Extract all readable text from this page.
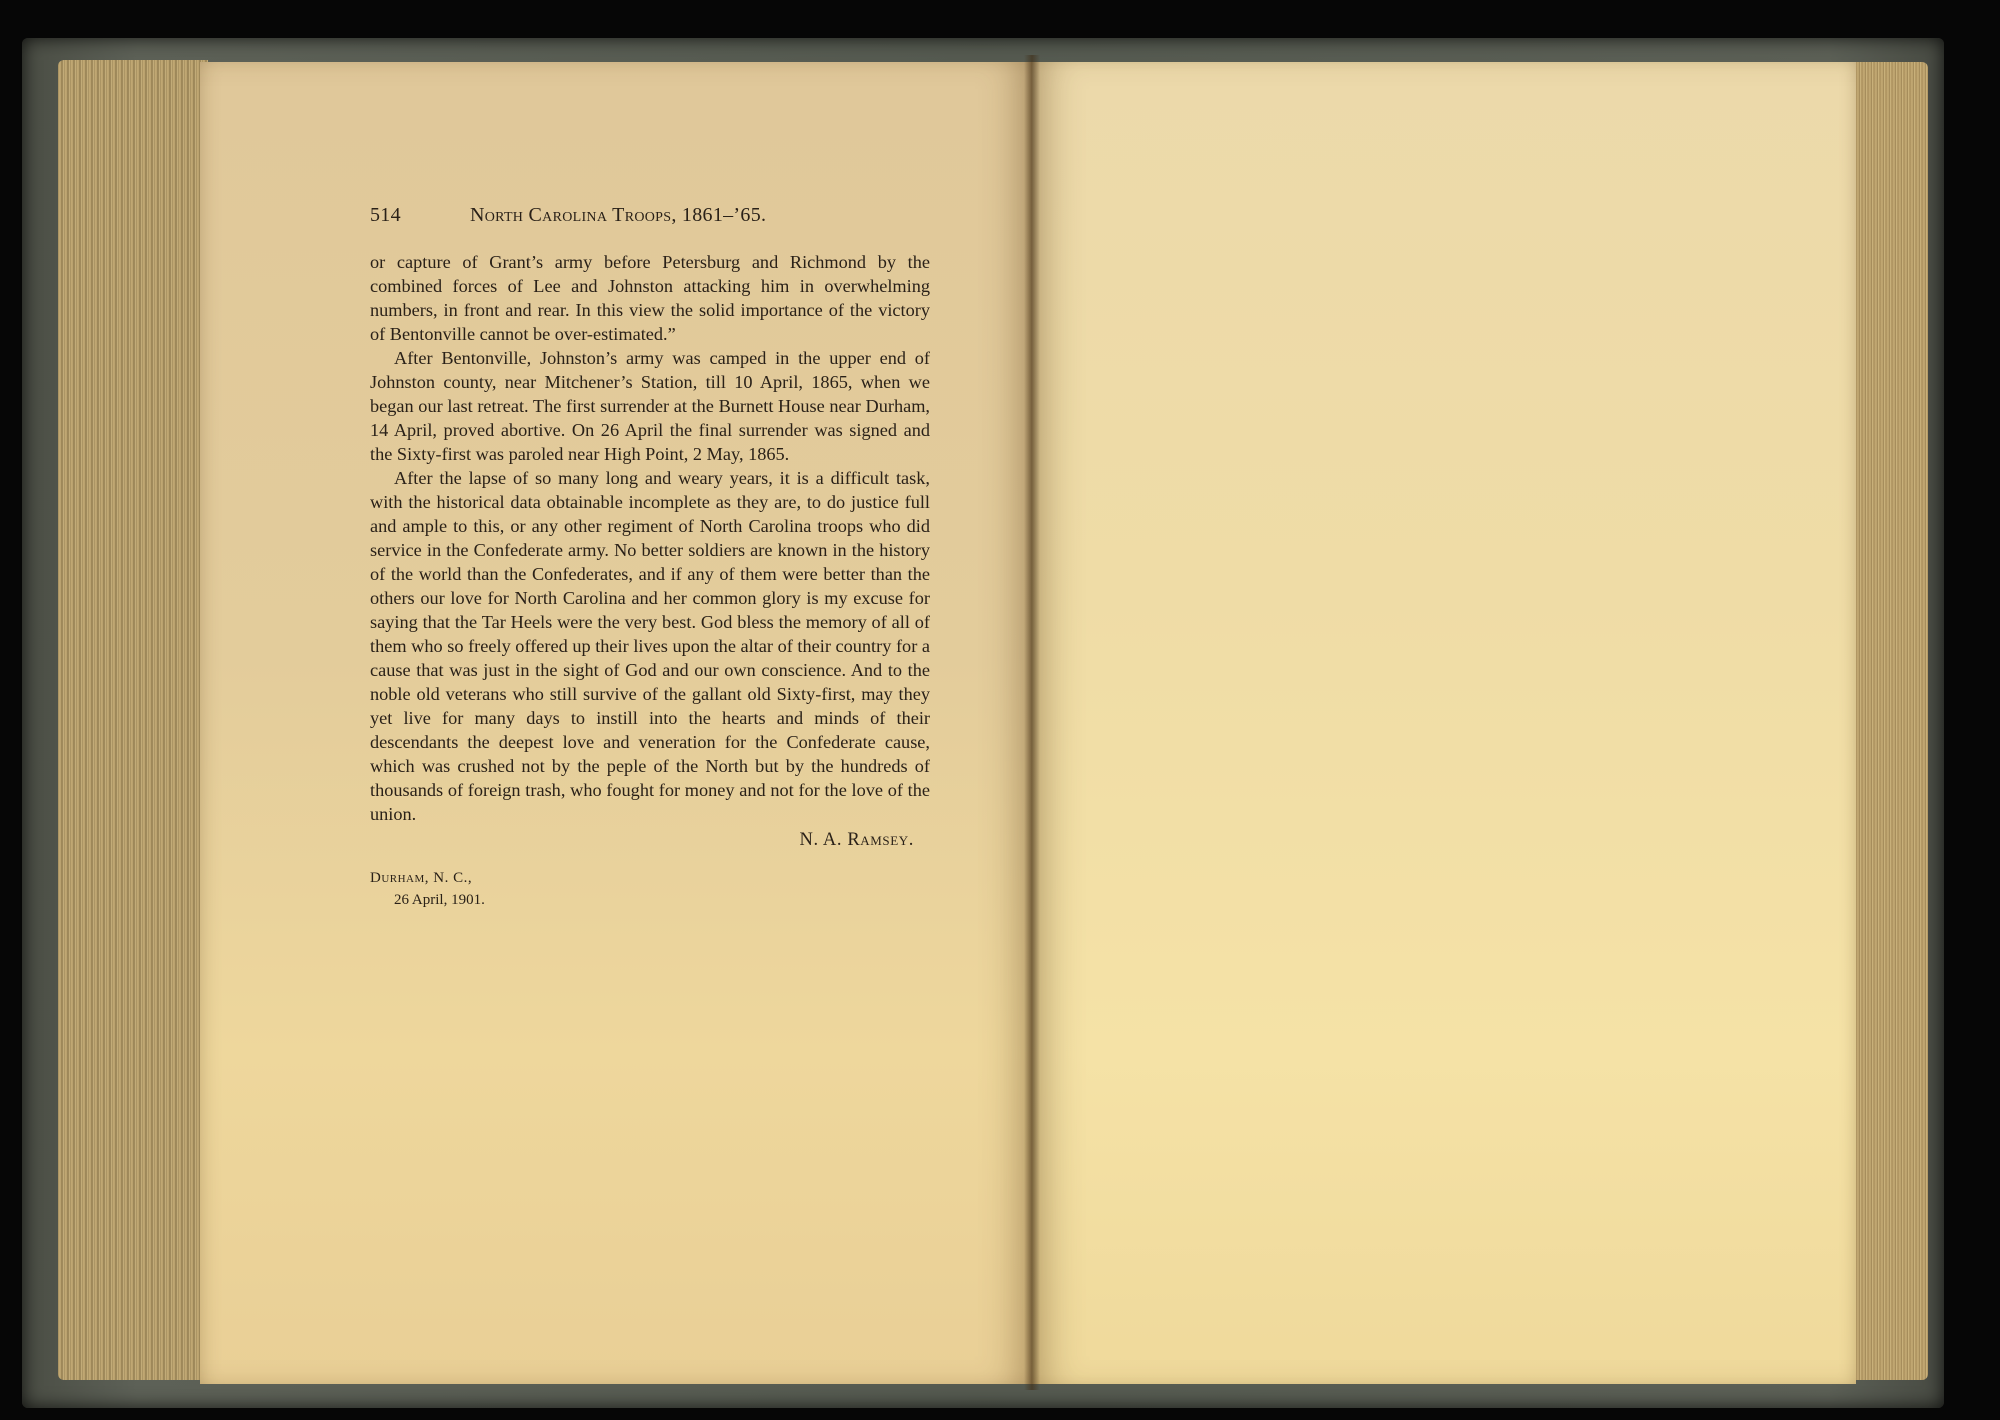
514	North Carolina Troops, 1861–’65.

or capture of Grant’s army before Petersburg and Richmond by the combined forces of Lee and Johnston attacking him in overwhelming numbers, in front and rear. In this view the solid importance of the victory of Bentonville cannot be over-estimated.”

After Bentonville, Johnston’s army was camped in the upper end of Johnston county, near Mitchener’s Station, till 10 April, 1865, when we began our last retreat. The first surrender at the Burnett House near Durham, 14 April, proved abortive. On 26 April the final surrender was signed and the Sixty-first was paroled near High Point, 2 May, 1865.

After the lapse of so many long and weary years, it is a difficult task, with the historical data obtainable incomplete as they are, to do justice full and ample to this, or any other regiment of North Carolina troops who did service in the Confederate army. No better soldiers are known in the history of the world than the Confederates, and if any of them were better than the others our love for North Carolina and her common glory is my excuse for saying that the Tar Heels were the very best. God bless the memory of all of them who so freely offered up their lives upon the altar of their country for a cause that was just in the sight of God and our own conscience. And to the noble old veterans who still survive of the gallant old Sixty-first, may they yet live for many days to instill into the hearts and minds of their descendants the deepest love and veneration for the Confederate cause, which was crushed not by the peple of the North but by the hundreds of thousands of foreign trash, who fought for money and not for the love of the union.

N. A. Ramsey.
Durham, N. C.,
26 April, 1901.
